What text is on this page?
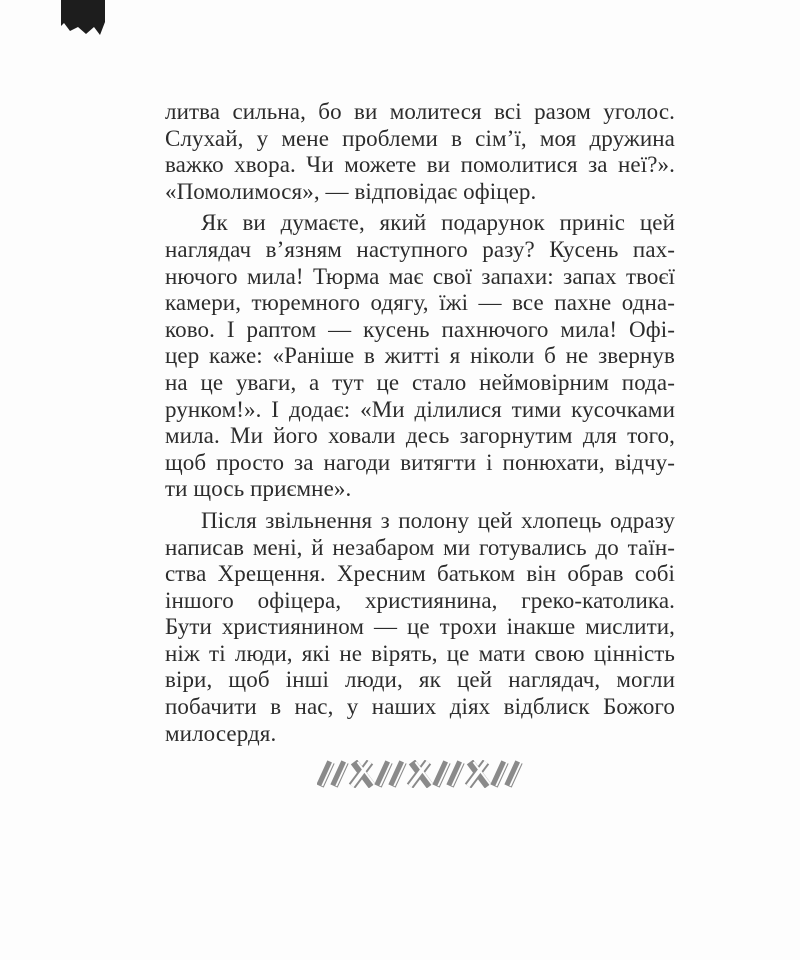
литва сильна, бо ви молитеся всі разом уголос.
Слухай, у мене проблеми в сім’ї, моя дружина
важко хвора. Чи можете ви помолитися за неї?».
«Помолимося», — відповідає офіцер.
Як ви думаєте, який подарунок приніс цей
наглядач в’язням наступного разу? Кусень пах-
нючого мила! Тюрма має свої запахи: запах твоєї
камери, тюремного одягу, їжі — все пахне одна-
ково. І раптом — кусень пахнючого мила! Офі-
цер каже: «Раніше в житті я ніколи б не звернув
на це уваги, а тут це стало неймовірним пода-
рунком!». І додає: «Ми ділилися тими кусочками
мила. Ми його ховали десь загорнутим для того,
щоб просто за нагоди витягти і понюхати, відчу-
ти щось приємне».
Після звільнення з полону цей хлопець одразу
написав мені, й незабаром ми готувались до таїн-
ства Хрещення. Хресним батьком він обрав собі
іншого офіцера, християнина, греко-католика.
Бути християнином — це трохи інакше мислити,
ніж ті люди, які не вірять, це мати свою цінність
віри, щоб інші люди, як цей наглядач, могли
побачити в нас, у наших діях відблиск Божого
милосердя.
